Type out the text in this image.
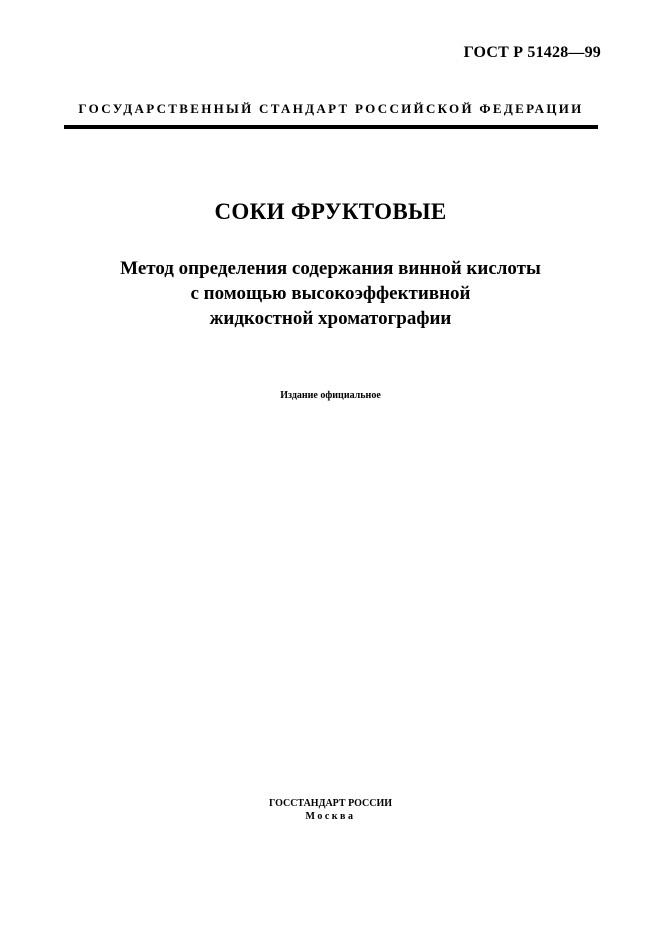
ГОСТ Р 51428—99
ГОСУДАРСТВЕННЫЙ СТАНДАРТ РОССИЙСКОЙ ФЕДЕРАЦИИ
СОКИ ФРУКТОВЫЕ
Метод определения содержания винной кислоты
с помощью высокоэффективной
жидкостной хроматографии
Издание официальное
ГОССТАНДАРТ РОССИИ
Москва
